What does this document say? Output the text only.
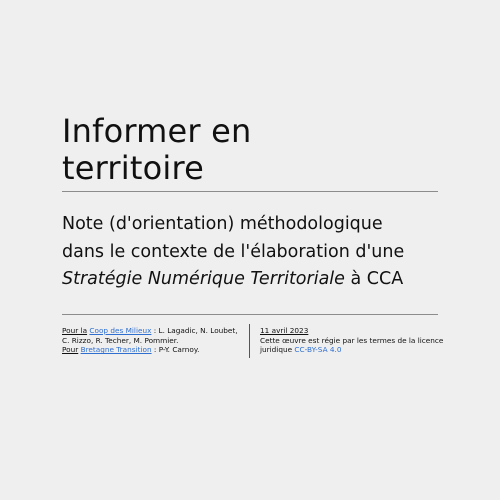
Informer en
territoire

Note (d'orientation) méthodologique
dans le contexte de l'élaboration d'une
Stratégie Numérique Territoriale à CCA

Pour la Coop des Milieux : L. Lagadic, N. Loubet,
C. Rizzo, R. Techer, M. Pommier.
Pour Bretagne Transition : P-Y. Carnoy.
11 avril 2023
Cette œuvre est régie par les termes de la licence
juridique CC-BY-SA 4.0
